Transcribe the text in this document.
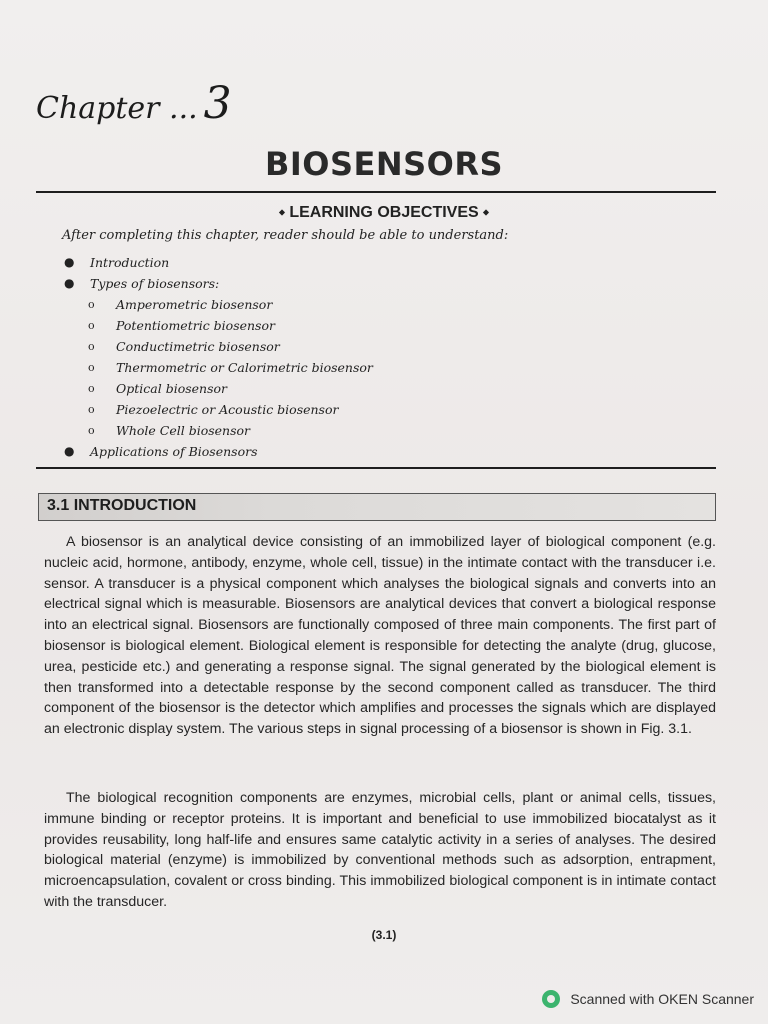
Chapter ... 3
BIOSENSORS
⬩ LEARNING OBJECTIVES ⬩
After completing this chapter, reader should be able to understand:
● Introduction
● Types of biosensors:
o Amperometric biosensor
o Potentiometric biosensor
o Conductimetric biosensor
o Thermometric or Calorimetric biosensor
o Optical biosensor
o Piezoelectric or Acoustic biosensor
o Whole Cell biosensor
● Applications of Biosensors
3.1 INTRODUCTION

A biosensor is an analytical device consisting of an immobilized layer of biological component (e.g. nucleic acid, hormone, antibody, enzyme, whole cell, tissue) in the intimate contact with the transducer i.e. sensor. A transducer is a physical component which analyses the biological signals and converts into an electrical signal which is measurable. Biosensors are analytical devices that convert a biological response into an electrical signal. Biosensors are functionally composed of three main components. The first part of biosensor is biological element. Biological element is responsible for detecting the analyte (drug, glucose, urea, pesticide etc.) and generating a response signal. The signal generated by the biological element is then transformed into a detectable response by the second component called as transducer. The third component of the biosensor is the detector which amplifies and processes the signals which are displayed an electronic display system. The various steps in signal processing of a biosensor is shown in Fig. 3.1.

The biological recognition components are enzymes, microbial cells, plant or animal cells, tissues, immune binding or receptor proteins. It is important and beneficial to use immobilized biocatalyst as it provides reusability, long half-life and ensures same catalytic activity in a series of analyses. The desired biological material (enzyme) is immobilized by conventional methods such as adsorption, entrapment, microencapsulation, covalent or cross binding. This immobilized biological component is in intimate contact with the transducer.

(3.1)
Scanned with OKEN Scanner
